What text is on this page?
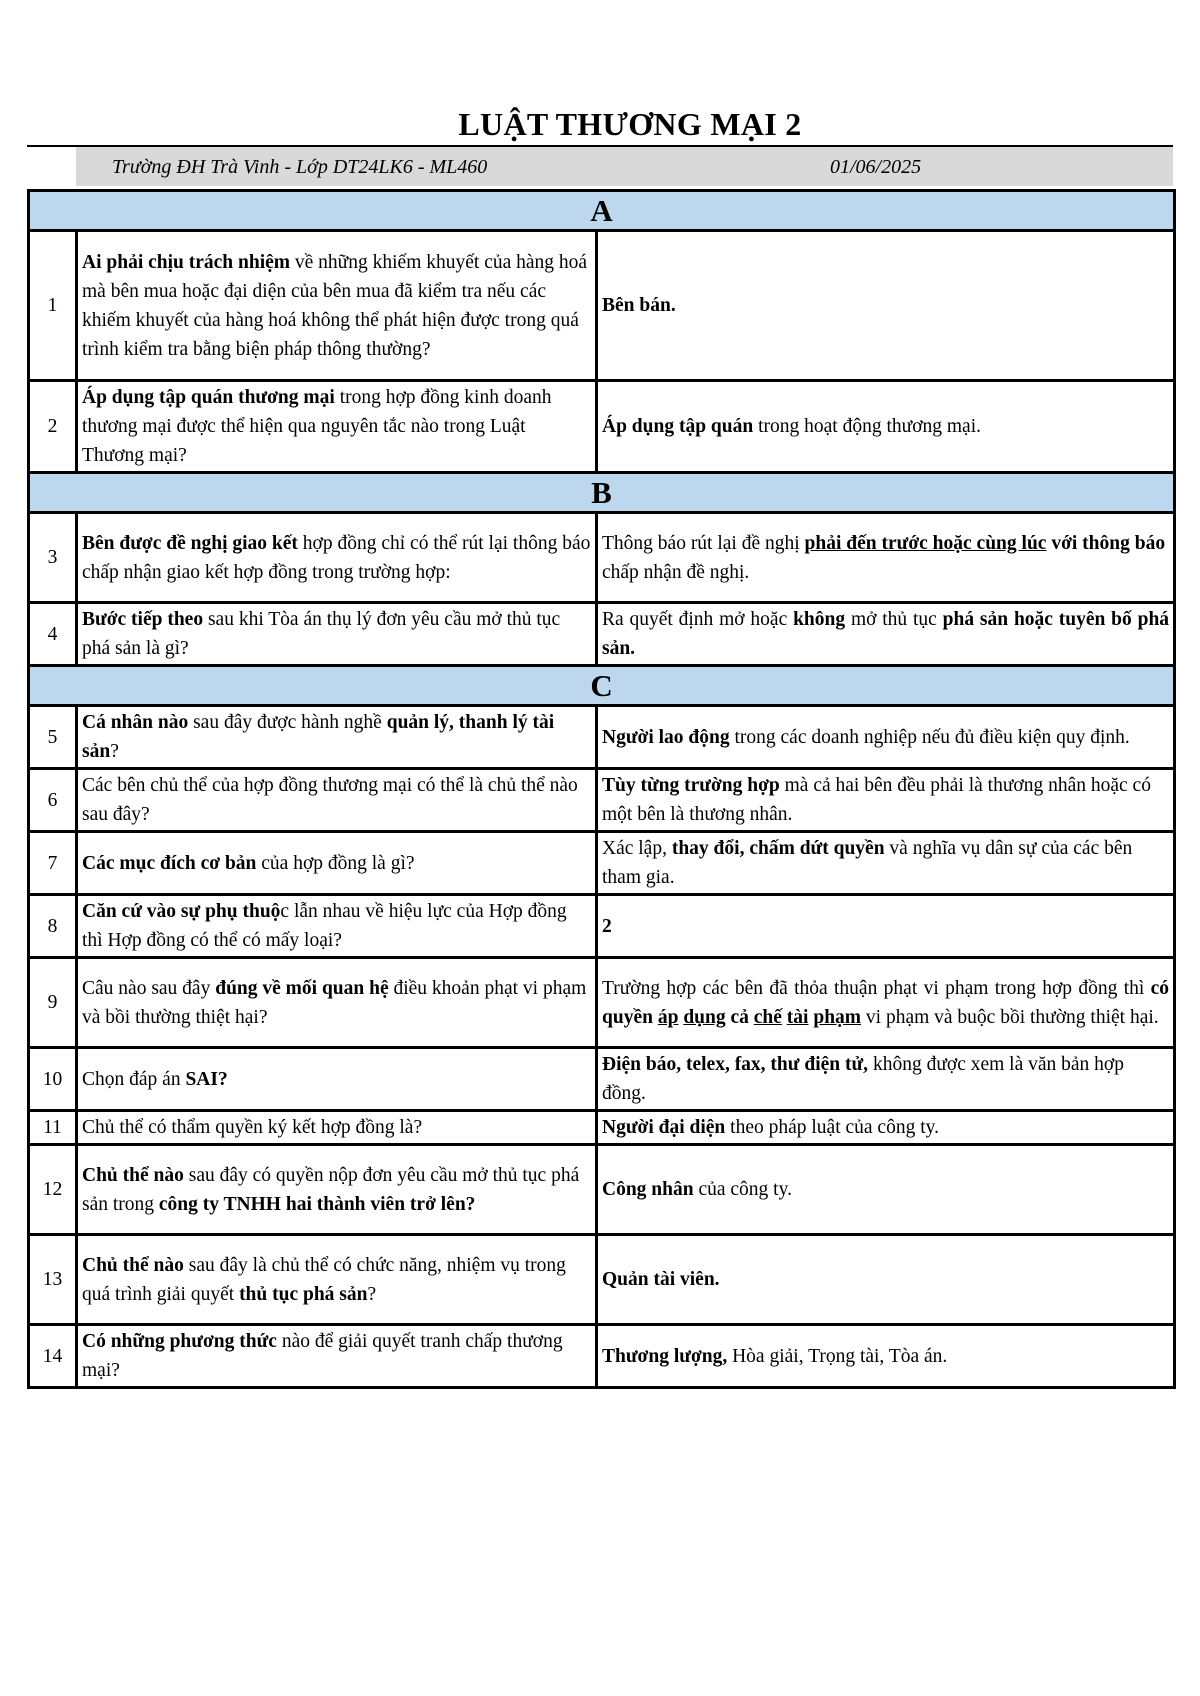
LUẬT THƯƠNG MẠI 2
Trường ĐH Trà Vinh - Lớp DT24LK6 - ML460	01/06/2025
A		
1	Ai phải chịu trách nhiệm về những khiếm khuyết của hàng hoá mà bên mua hoặc đại diện của bên mua đã kiểm tra nếu các khiếm khuyết của hàng hoá không thể phát hiện được trong quá trình kiểm tra bằng biện pháp thông thường?	Bên bán.
2	Áp dụng tập quán thương mại trong hợp đồng kinh doanh thương mại được thể hiện qua nguyên tắc nào trong Luật Thương mại?	Áp dụng tập quán trong hoạt động thương mại.
B		
3	Bên được đề nghị giao kết hợp đồng chỉ có thể rút lại thông báo chấp nhận giao kết hợp đồng trong trường hợp:	Thông báo rút lại đề nghị phải đến trước hoặc cùng lúc với thông báo chấp nhận đề nghị.
4	Bước tiếp theo sau khi Tòa án thụ lý đơn yêu cầu mở thủ tục phá sản là gì?	Ra quyết định mở hoặc không mở thủ tục phá sản hoặc tuyên bố phá sản.
C		
5	Cá nhân nào sau đây được hành nghề quản lý, thanh lý tài sản?	Người lao động trong các doanh nghiệp nếu đủ điều kiện quy định.
6	Các bên chủ thể của hợp đồng thương mại có thể là chủ thể nào sau đây?	Tùy từng trường hợp mà cả hai bên đều phải là thương nhân hoặc có một bên là thương nhân.
7	Các mục đích cơ bản của hợp đồng là gì?	Xác lập, thay đổi, chấm dứt quyền và nghĩa vụ dân sự của các bên tham gia.
8	Căn cứ vào sự phụ thuộc lẫn nhau về hiệu lực của Hợp đồng thì Hợp đồng có thể có mấy loại?	2
9	Câu nào sau đây đúng về mối quan hệ điều khoản phạt vi phạm và bồi thường thiệt hại?	Trường hợp các bên đã thỏa thuận phạt vi phạm trong hợp đồng thì có quyền áp dụng cả chế tài phạm vi phạm và buộc bồi thường thiệt hại.
10	Chọn đáp án SAI?	Điện báo, telex, fax, thư điện tử, không được xem là văn bản hợp đồng.
11	Chủ thể có thẩm quyền ký kết hợp đồng là?	Người đại diện theo pháp luật của công ty.
12	Chủ thể nào sau đây có quyền nộp đơn yêu cầu mở thủ tục phá sản trong công ty TNHH hai thành viên trở lên?	Công nhân của công ty.
13	Chủ thể nào sau đây là chủ thể có chức năng, nhiệm vụ trong quá trình giải quyết thủ tục phá sản?	Quản tài viên.
14	Có những phương thức nào để giải quyết tranh chấp thương mại?	Thương lượng, Hòa giải, Trọng tài, Tòa án.
